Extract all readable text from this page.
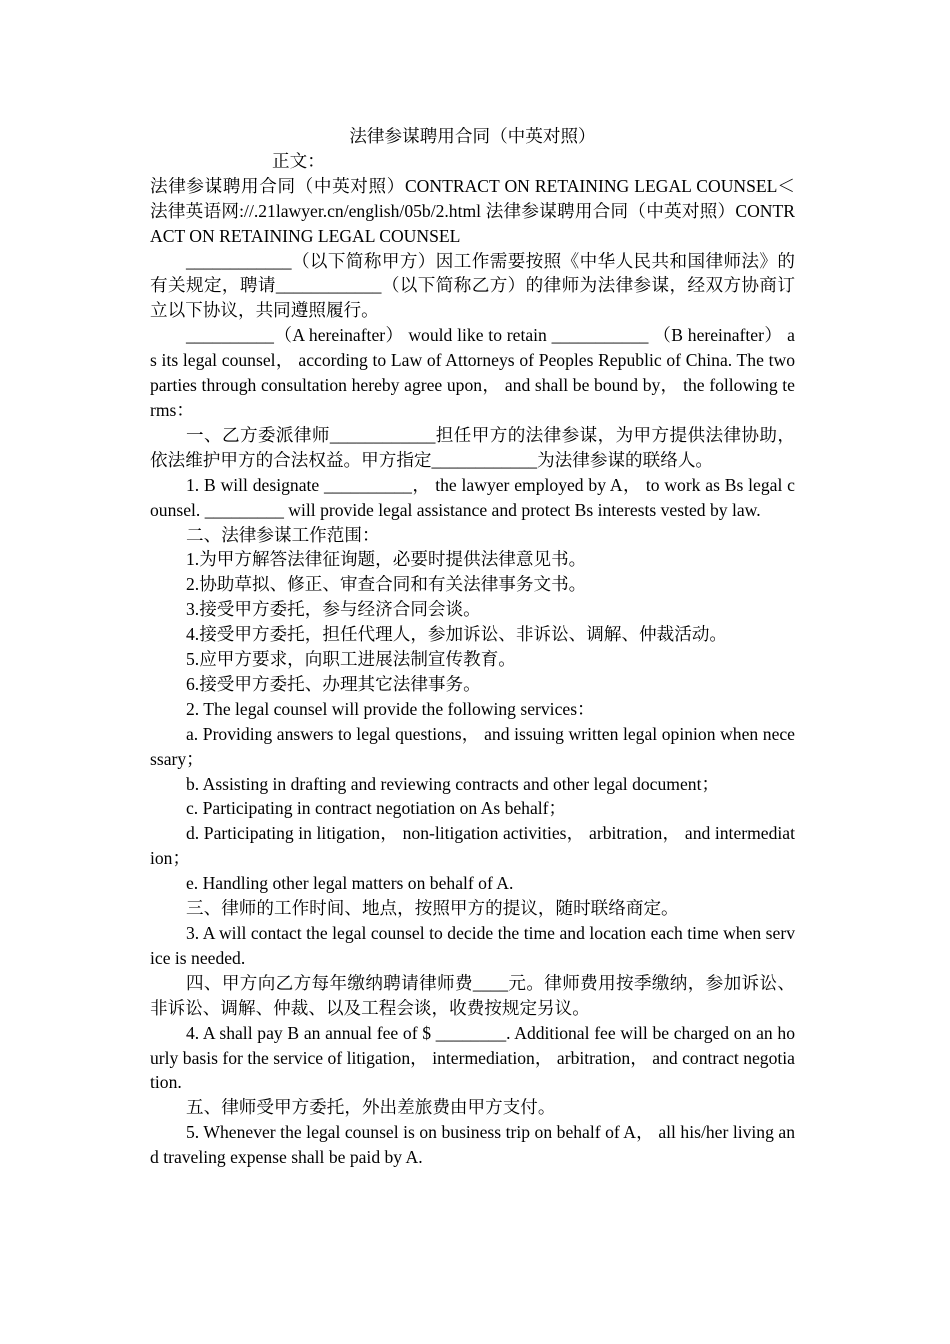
法律参谋聘用合同（中英对照）

正文：

法律参谋聘用合同（中英对照）CONTRACT ON RETAINING LEGAL COUNSEL＜法律英语网://.21lawyer.cn/english/05b/2.html 法律参谋聘用合同（中英对照）CONTRACT ON RETAINING LEGAL COUNSEL

____________（以下简称甲方）因工作需要按照《中华人民共和国律师法》的有关规定，聘请____________（以下简称乙方）的律师为法律参谋，经双方协商订立以下协议，共同遵照履行。

__________（A hereinafter） would like to retain ___________ （B hereinafter） as its legal counsel， according to Law of Attorneys of Peoples Republic of China. The two parties through consultation hereby agree upon， and shall be bound by， the following terms：

一、乙方委派律师____________担任甲方的法律参谋，为甲方提供法律协助，依法维护甲方的合法权益。甲方指定____________为法律参谋的联络人。

1. B will designate __________， the lawyer employed by A， to work as Bs legal counsel. _________ will provide legal assistance and protect Bs interests vested by law.

二、法律参谋工作范围：

1.为甲方解答法律征询题，必要时提供法律意见书。

2.协助草拟、修正、审查合同和有关法律事务文书。

3.接受甲方委托，参与经济合同会谈。

4.接受甲方委托，担任代理人，参加诉讼、非诉讼、调解、仲裁活动。

5.应甲方要求，向职工进展法制宣传教育。

6.接受甲方委托、办理其它法律事务。

2. The legal counsel will provide the following services：

a. Providing answers to legal questions， and issuing written legal opinion when necessary；

b. Assisting in drafting and reviewing contracts and other legal document；

c. Participating in contract negotiation on As behalf；

d. Participating in litigation， non-litigation activities， arbitration， and intermediation；

e. Handling other legal matters on behalf of A.

三、律师的工作时间、地点，按照甲方的提议，随时联络商定。

3. A will contact the legal counsel to decide the time and location each time when service is needed.

四、甲方向乙方每年缴纳聘请律师费____元。律师费用按季缴纳，参加诉讼、非诉讼、调解、仲裁、以及工程会谈，收费按规定另议。

4. A shall pay B an annual fee of $ ________. Additional fee will be charged on an hourly basis for the service of litigation， intermediation， arbitration， and contract negotiation.

五、律师受甲方委托，外出差旅费由甲方支付。

5. Whenever the legal counsel is on business trip on behalf of A， all his/her living and traveling expense shall be paid by A.
